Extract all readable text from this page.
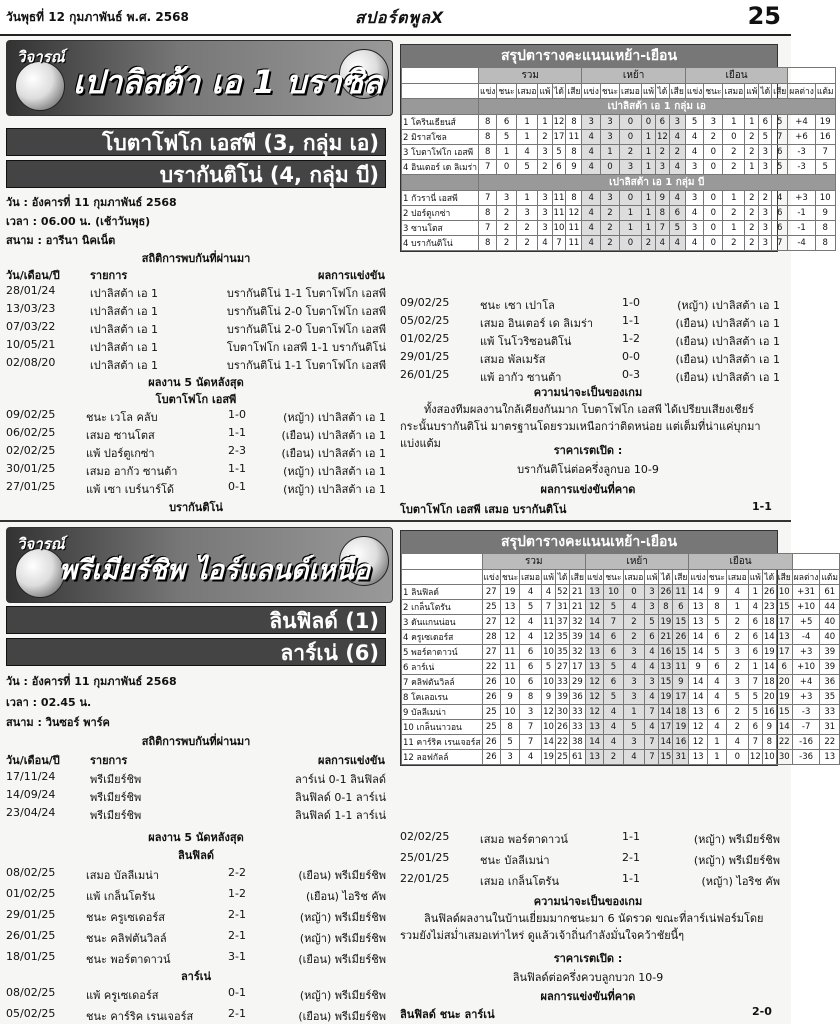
วันพุธที่ 12 กุมภาพันธ์ พ.ศ. 2568	สปอร์ตพูลX	25
วิจารณ์
เปาลิสต้า เอ 1 บราซิล
โบตาโฟโก เอสพี (3, กลุ่ม เอ)
บรากันติโน่ (4, กลุ่ม บี)
วัน : อังคารที่ 11 กุมภาพันธ์ 2568
เวลา : 06.00 น. (เช้าวันพุธ)
สนาม : อารีนา นิคเน็ต
สถิติการพบกันที่ผ่านมา
วัน/เดือน/ปี	รายการ	ผลการแข่งขัน
28/01/24	เปาลิสต้า เอ 1	บรากันติโน่ 1-1 โบตาโฟโก เอสพี
13/03/23	เปาลิสต้า เอ 1	บรากันติโน่ 2-0 โบตาโฟโก เอสพี
07/03/22	เปาลิสต้า เอ 1	บรากันติโน่ 2-0 โบตาโฟโก เอสพี
10/05/21	เปาลิสต้า เอ 1	โบตาโฟโก เอสพี 1-1 บรากันติโน่
02/08/20	เปาลิสต้า เอ 1	บรากันติโน่ 1-1 โบตาโฟโก เอสพี
ผลงาน 5 นัดหลังสุด
โบตาโฟโก เอสพี
09/02/25	ชนะ เวโล คลับ	1-0	(หญ้า) เปาลิสต้า เอ 1
06/02/25	เสมอ ซานโตส	1-1	(เยือน) เปาลิสต้า เอ 1
02/02/25	แพ้ ปอร์ตูเกซ่า	2-3	(เยือน) เปาลิสต้า เอ 1
30/01/25	เสมอ อากัว ซานต้า	1-1	(หญ้า) เปาลิสต้า เอ 1
27/01/25	แพ้ เซา เบร์นาร์โด้	0-1	(หญ้า) เปาลิสต้า เอ 1
บรากันติโน่
สรุปตารางคะแนนเหย้า-เยือน
	รวม						เหย้า						เยือน							
	แข่ง	ชนะ	เสมอ	แพ้	ได้	เสีย	แข่ง	ชนะ	เสมอ	แพ้	ได้	เสีย	แข่ง	ชนะ	เสมอ	แพ้	ได้	เสีย	ผลต่าง	แต้ม
	เปาลิสต้า เอ 1 กลุ่ม เอ																			
1 โครินเธียนส์	8	6	1	1	12	8	3	3	0	0	6	3	5	3	1	1	6	5	+4	19
2 มิราสโซล	8	5	1	2	17	11	4	3	0	1	12	4	4	2	0	2	5	7	+6	16
3 โบตาโฟโก เอสพี	8	1	4	3	5	8	4	1	2	1	2	2	4	0	2	2	3	6	-3	7
4 อินเตอร์ เด ลิเมร่า	7	0	5	2	6	9	4	0	3	1	3	4	3	0	2	1	3	5	-3	5
	เปาลิสต้า เอ 1 กลุ่ม บี																			
1 กัวรานี่ เอสพี	7	3	1	3	11	8	4	3	0	1	9	4	3	0	1	2	2	4	+3	10
2 ปอร์ตูเกซ่า	8	2	3	3	11	12	4	2	1	1	8	6	4	0	2	2	3	6	-1	9
3 ซานโตส	7	2	2	3	10	11	4	2	1	1	7	5	3	0	1	2	3	6	-1	8
4 บรากันติโน่	8	2	2	4	7	11	4	2	0	2	4	4	4	0	2	2	3	7	-4	8
09/02/25	ชนะ เซา เปาโล	1-0	(หญ้า) เปาลิสต้า เอ 1
05/02/25	เสมอ อินเตอร์ เด ลิเมร่า	1-1	(เยือน) เปาลิสต้า เอ 1
01/02/25	แพ้ โนโวริซอนติโน่	1-2	(เยือน) เปาลิสต้า เอ 1
29/01/25	เสมอ พัลเมรัส	0-0	(เยือน) เปาลิสต้า เอ 1
26/01/25	แพ้ อากัว ซานต้า	0-3	(เยือน) เปาลิสต้า เอ 1
ความน่าจะเป็นของเกม
ทั้งสองทีมผลงานใกล้เคียงกันมาก โบตาโฟโก เอสพี ได้เปรียบเสียงเชียร์ กระนั้นบรากันติโน่ มาตรฐานโดยรวมเหนือกว่าติดหน่อย แต่เต็มที่น่าแค่บุกมาแบ่งแต้ม
ราคาเรตเปิด :
บรากันติโน่ต่อครึ่งลูกบอ 10-9
ผลการแข่งขันที่คาด
โบตาโฟโก เอสพี เสมอ บรากันติโน่	1-1
วิจารณ์
พรีเมียร์ชิพ ไอร์แลนด์เหนือ
ลินฟิลด์ (1)
ลาร์เน่ (6)
วัน : อังคารที่ 11 กุมภาพันธ์ 2568
เวลา : 02.45 น.
สนาม : วินซอร์ พาร์ค
สถิติการพบกันที่ผ่านมา
วัน/เดือน/ปี	รายการ	ผลการแข่งขัน
17/11/24	พรีเมียร์ชิพ	ลาร์เน่ 0-1 ลินฟิลด์
14/09/24	พรีเมียร์ชิพ	ลินฟิลด์ 0-1 ลาร์เน่
23/04/24	พรีเมียร์ชิพ	ลินฟิลด์ 1-1 ลาร์เน่
ผลงาน 5 นัดหลังสุด
ลินฟิลด์
08/02/25	เสมอ บัลลีเมน่า	2-2	(เยือน) พรีเมียร์ชิพ
01/02/25	แพ้ เกล็นโตรัน	1-2	(เยือน) ไอริช คัพ
29/01/25	ชนะ ครูเซเดอร์ส	2-1	(หญ้า) พรีเมียร์ชิพ
26/01/25	ชนะ คลิฟตันวิลล์	2-1	(หญ้า) พรีเมียร์ชิพ
18/01/25	ชนะ พอร์ตาดาวน์	3-1	(เยือน) พรีเมียร์ชิพ
ลาร์เน่
08/02/25	แพ้ ครูเซเดอร์ส	0-1	(หญ้า) พรีเมียร์ชิพ
05/02/25	ชนะ คาร์ริค เรนเจอร์ส	2-1	(เยือน) พรีเมียร์ชิพ
สรุปตารางคะแนนเหย้า-เยือน
	รวม						เหย้า						เยือน							
	แข่ง	ชนะ	เสมอ	แพ้	ได้	เสีย	แข่ง	ชนะ	เสมอ	แพ้	ได้	เสีย	แข่ง	ชนะ	เสมอ	แพ้	ได้	เสีย	ผลต่าง	แต้ม
1 ลินฟิลด์	27	19	4	4	52	21	13	10	0	3	26	11	14	9	4	1	26	10	+31	61
2 เกล็นโตรัน	25	13	5	7	31	21	12	5	4	3	8	6	13	8	1	4	23	15	+10	44
3 ดันแกนน่อน	27	12	4	11	37	32	14	7	2	5	19	15	13	5	2	6	18	17	+5	40
4 ครูเซเดอร์ส	28	12	4	12	35	39	14	6	2	6	21	26	14	6	2	6	14	13	-4	40
5 พอร์ตาดาวน์	27	11	6	10	35	32	13	6	3	4	16	15	14	5	3	6	19	17	+3	39
6 ลาร์เน่	22	11	6	5	27	17	13	5	4	4	13	11	9	6	2	1	14	6	+10	39
7 คลิฟตันวิลล์	26	10	6	10	33	29	12	6	3	3	15	9	14	4	3	7	18	20	+4	36
8 โคเลอเรน	26	9	8	9	39	36	12	5	3	4	19	17	14	4	5	5	20	19	+3	35
9 บัลลีเมน่า	25	10	3	12	30	33	12	4	1	7	14	18	13	6	2	5	16	15	-3	33
10 เกล็นนาวอน	25	8	7	10	26	33	13	4	5	4	17	19	12	4	2	6	9	14	-7	31
11 คาร์ริค เรนเจอร์ส	26	5	7	14	22	38	14	4	3	7	14	16	12	1	4	7	8	22	-16	22
12 ลอฟกัลล์	26	3	4	19	25	61	13	2	4	7	15	31	13	1	0	12	10	30	-36	13
02/02/25	เสมอ พอร์ตาดาวน์	1-1	(หญ้า) พรีเมียร์ชิพ
25/01/25	ชนะ บัลลีเมน่า	2-1	(หญ้า) พรีเมียร์ชิพ
22/01/25	เสมอ เกล็นโตรัน	1-1	(หญ้า) ไอริช คัพ
ความน่าจะเป็นของเกม
ลินฟิลด์ผลงานในบ้านเยี่ยมมากชนะมา 6 นัดรวด ขณะที่ลาร์เน่ฟอร์มโดยรวมยังไม่สม่ำเสมอเท่าไหร่ ดูแล้วเจ้าถิ่นกำลังมั่นใจคว้าชัยนี้ๆ
ราคาเรตเปิด :
ลินฟิลด์ต่อครึ่งควบลูกบวก 10-9
ผลการแข่งขันที่คาด
ลินฟิลด์ ชนะ ลาร์เน่	2-0
